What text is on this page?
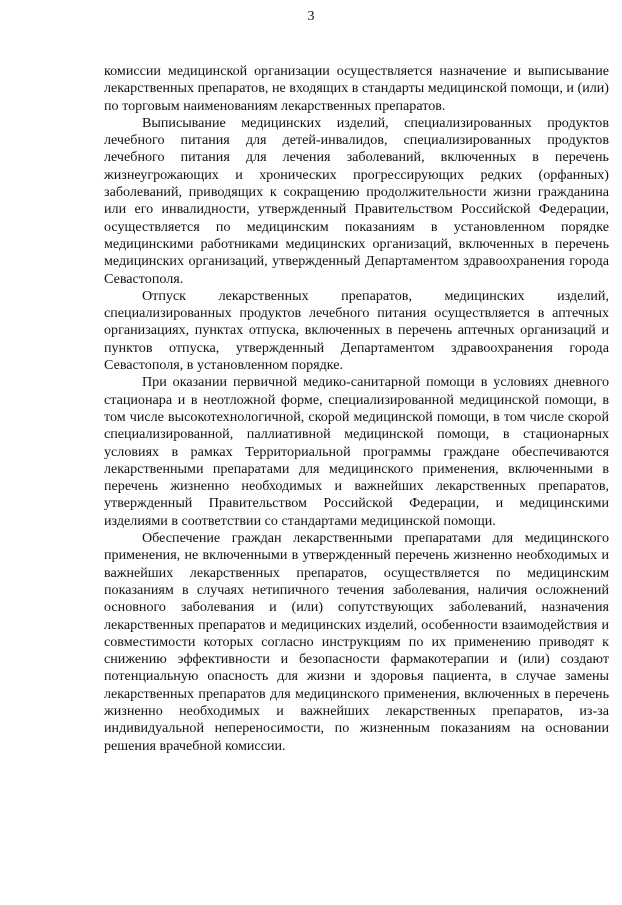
3

комиссии медицинской организации осуществляется назначение и выписывание лекарственных препаратов, не входящих в стандарты медицинской помощи, и (или) по торговым наименованиям лекарственных препаратов.

Выписывание медицинских изделий, специализированных продуктов лечебного питания для детей-инвалидов, специализированных продуктов лечебного питания для лечения заболеваний, включенных в перечень жизнеугрожающих и хронических прогрессирующих редких (орфанных) заболеваний, приводящих к сокращению продолжительности жизни гражданина или его инвалидности, утвержденный Правительством Российской Федерации, осуществляется по медицинским показаниям в установленном порядке медицинскими работниками медицинских организаций, включенных в перечень медицинских организаций, утвержденный Департаментом здравоохранения города Севастополя.

Отпуск лекарственных препаратов, медицинских изделий, специализированных продуктов лечебного питания осуществляется в аптечных организациях, пунктах отпуска, включенных в перечень аптечных организаций и пунктов отпуска, утвержденный Департаментом здравоохранения города Севастополя, в установленном порядке.

При оказании первичной медико-санитарной помощи в условиях дневного стационара и в неотложной форме, специализированной медицинской помощи, в том числе высокотехнологичной, скорой медицинской помощи, в том числе скорой специализированной, паллиативной медицинской помощи, в стационарных условиях в рамках Территориальной программы граждане обеспечиваются лекарственными препаратами для медицинского применения, включенными в перечень жизненно необходимых и важнейших лекарственных препаратов, утвержденный Правительством Российской Федерации, и медицинскими изделиями в соответствии со стандартами медицинской помощи.

Обеспечение граждан лекарственными препаратами для медицинского применения, не включенными в утвержденный перечень жизненно необходимых и важнейших лекарственных препаратов, осуществляется по медицинским показаниям в случаях нетипичного течения заболевания, наличия осложнений основного заболевания и (или) сопутствующих заболеваний, назначения лекарственных препаратов и медицинских изделий, особенности взаимодействия и совместимости которых согласно инструкциям по их применению приводят к снижению эффективности и безопасности фармакотерапии и (или) создают потенциальную опасность для жизни и здоровья пациента, в случае замены лекарственных препаратов для медицинского применения, включенных в перечень жизненно необходимых и важнейших лекарственных препаратов, из-за индивидуальной непереносимости, по жизненным показаниям на основании решения врачебной комиссии.
